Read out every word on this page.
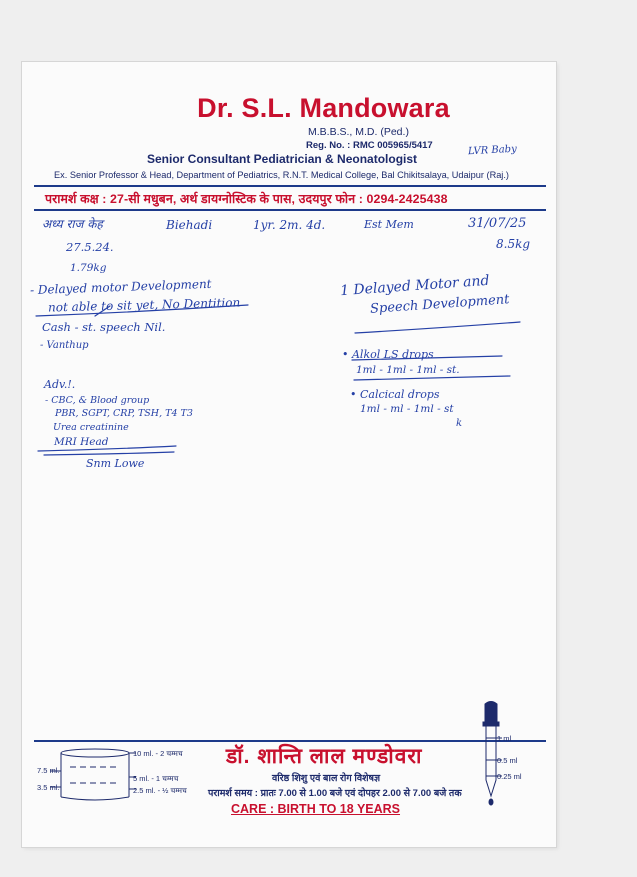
Dr. S.L. Mandowara
M.B.B.S., M.D. (Ped.)
Reg. No. : RMC 005965/5417
Senior Consultant Pediatrician & Neonatologist
Ex. Senior Professor & Head, Department of Pediatrics, R.N.T. Medical College, Bal Chikitsalaya, Udaipur (Raj.)
परामर्श कक्ष : 27-सी मधुबन, अर्थ डायग्नोस्टिक के पास, उदयपुर फोन : 0294-2425438
LVR Baby
अध्य राज केह	Biehadi	1yr. 2m. 4d.	Est Mem	31/07/25
8.5kg
27.5.24.
1.79kg
- Delayed motor Development
not able to sit yet, No Dentition
Cash - st. speech Nil.
- Vanthup
1 Delayed Motor and
Speech Development
Adv.!.
- CBC, & Blood group
PBR, SGPT, CRP, TSH, T4 T3
Urea creatinine
MRI Head
Snm Lowe
• Alkol LS drops
1ml - 1ml - 1ml - st.
• Calcical drops
1ml - ml - 1ml - st
k
10 ml. - 2 चम्मच
7.5 ml.
3.5 ml.
5 ml. - 1 चम्मच
2.5 ml. - ½ चम्मच
डॉ. शान्ति लाल मण्डोवरा
वरिष्ठ शिशु एवं बाल रोग विशेषज्ञ
परामर्श समय : प्रातः 7.00 से 1.00 बजे एवं दोपहर 2.00 से 7.00 बजे तक
CARE : BIRTH TO 18 YEARS
1 ml
0.5 ml
0.25 ml
